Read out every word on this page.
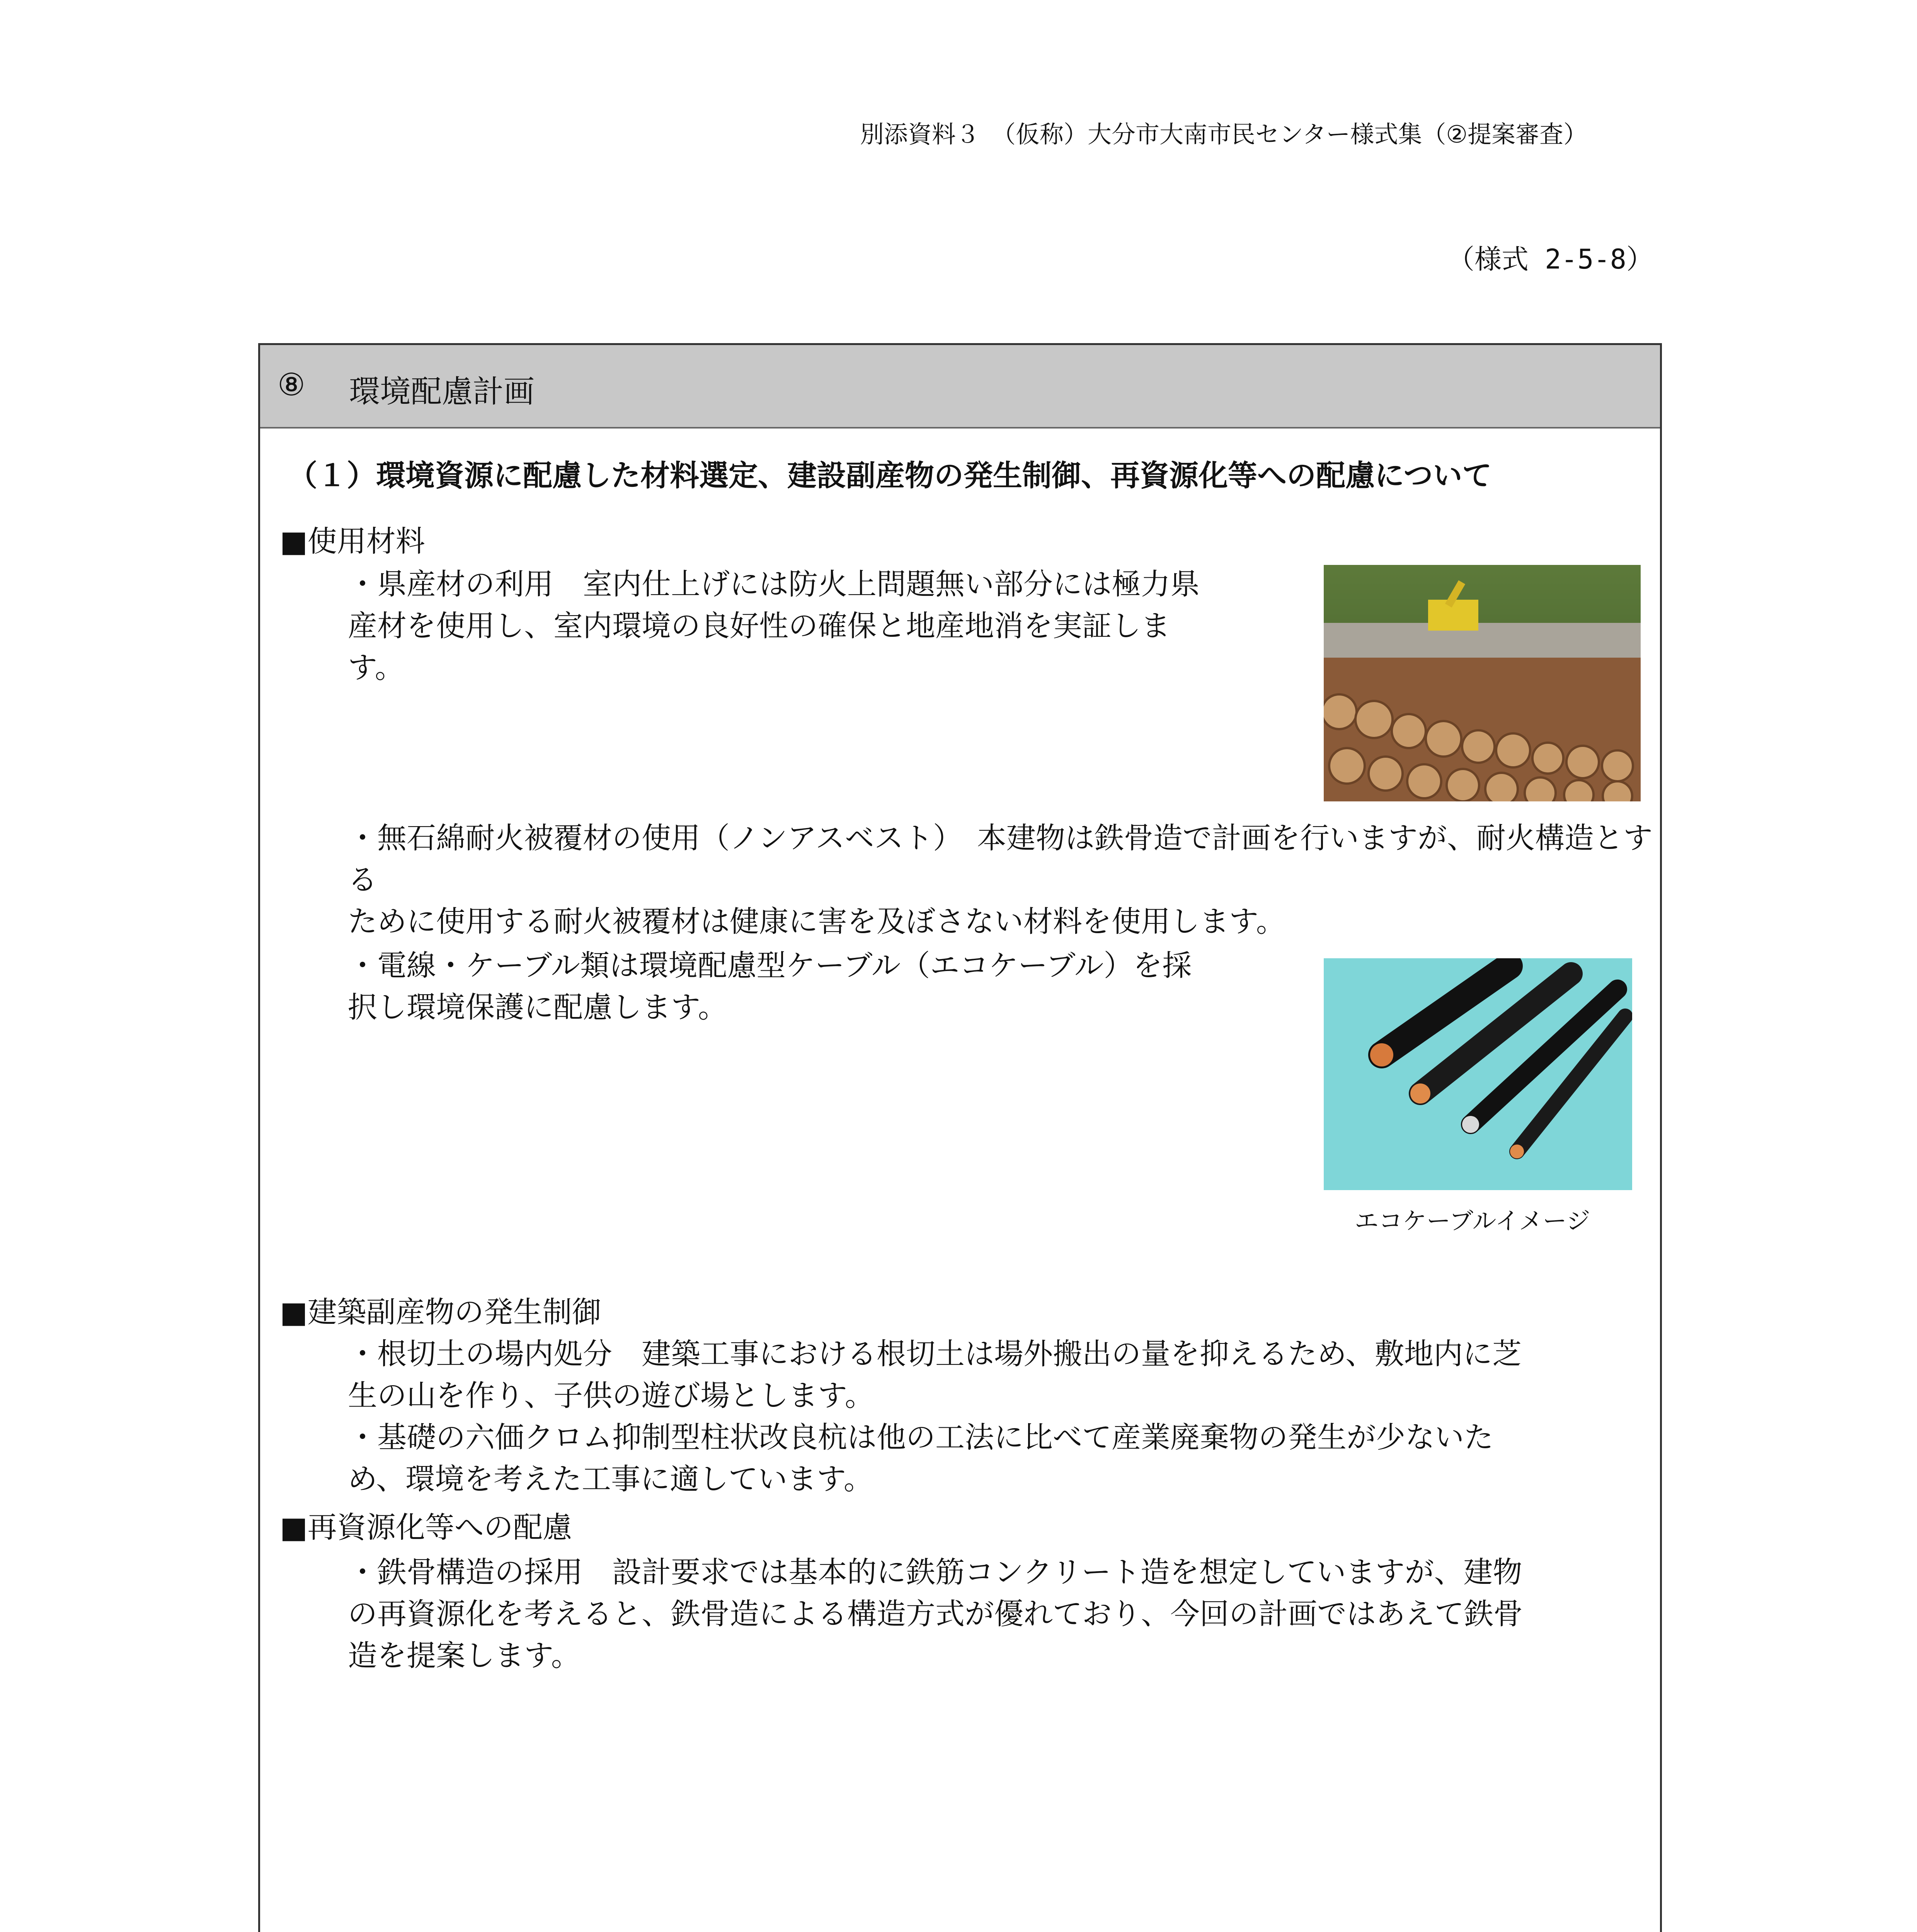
別添資料３　（仮称）大分市大南市民センター様式集（②提案審査）
（様式 2-5-8）
⑧ 環境配慮計画
（１）環境資源に配慮した材料選定、建設副産物の発生制御、再資源化等への配慮について
■使用材料
・県産材の利用　室内仕上げには防火上問題無い部分には極力県
産材を使用し、室内環境の良好性の確保と地産地消を実証しま
す。
・無石綿耐火被覆材の使用（ノンアスベスト）　本建物は鉄骨造で計画を行いますが、耐火構造とする
ために使用する耐火被覆材は健康に害を及ぼさない材料を使用します。
・電線・ケーブル類は環境配慮型ケーブル（エコケーブル）を採
択し環境保護に配慮します。
エコケーブルイメージ
■建築副産物の発生制御
・根切土の場内処分　建築工事における根切土は場外搬出の量を抑えるため、敷地内に芝
生の山を作り、子供の遊び場とします。
・基礎の六価クロム抑制型柱状改良杭は他の工法に比べて産業廃棄物の発生が少ないた
め、環境を考えた工事に適しています。
■再資源化等への配慮
・鉄骨構造の採用　設計要求では基本的に鉄筋コンクリート造を想定していますが、建物
の再資源化を考えると、鉄骨造による構造方式が優れており、今回の計画ではあえて鉄骨
造を提案します。
